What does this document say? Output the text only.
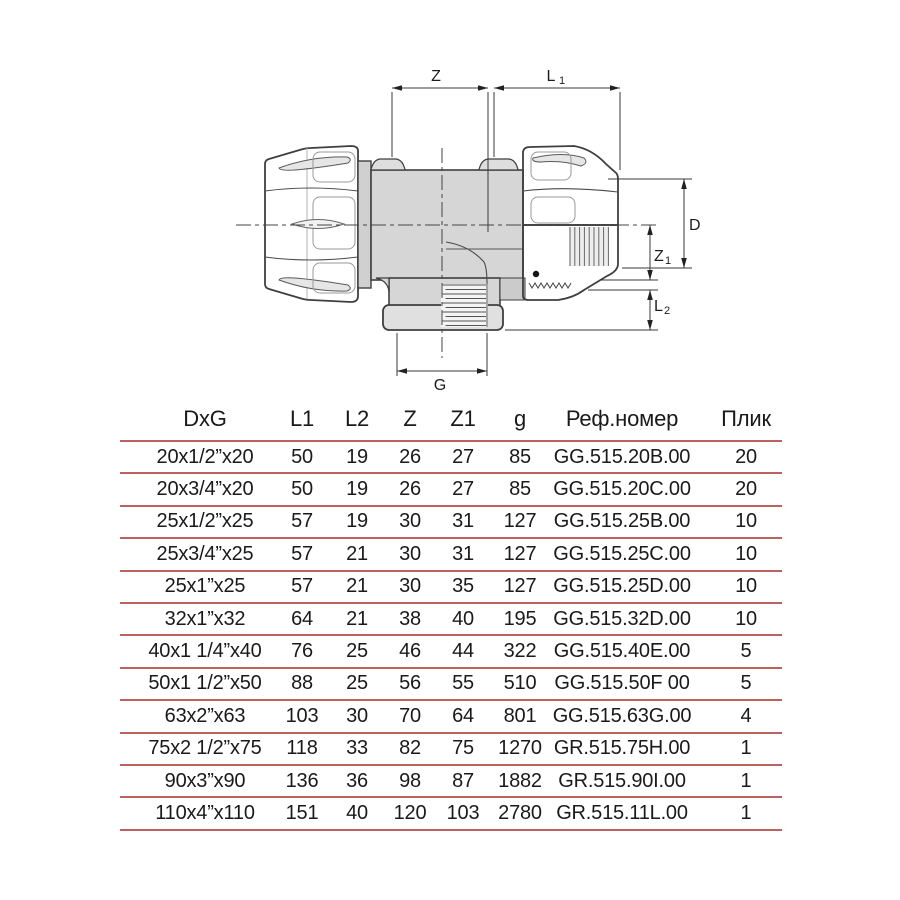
Z	L 1
D
Z 1
L 2
G
DxG	L1	L2	Z	Z1	g	Реф.номер	Плик
20x1/2”x20	50	19	26	27	85	GG.515.20B.00	20
20x3/4”x20	50	19	26	27	85	GG.515.20C.00	20
25x1/2”x25	57	19	30	31	127 GG.515.25B.00	10
25x3/4”x25	57	21	30	31	127 GG.515.25C.00	10
25x1”x25	57	21	30	35	127 GG.515.25D.00	10
32x1”x32	64	21	38	40	195 GG.515.32D.00	10
40x1 1/4”x40	76	25	46	44	322 GG.515.40E.00	5
50x1 1/2”x50	88	25	56	55	510 GG.515.50F 00	5
63x2”x63	103	30	70	64	801 GG.515.63G.00	4
75x2 1/2”x75	118	33	82	75	1270 GR.515.75H.00	1
90x3”x90	136	36	98	87	1882 GR.515.90I.00	1
110x4”x110	151	40	120	103 2780 GR.515.11L.00	1
